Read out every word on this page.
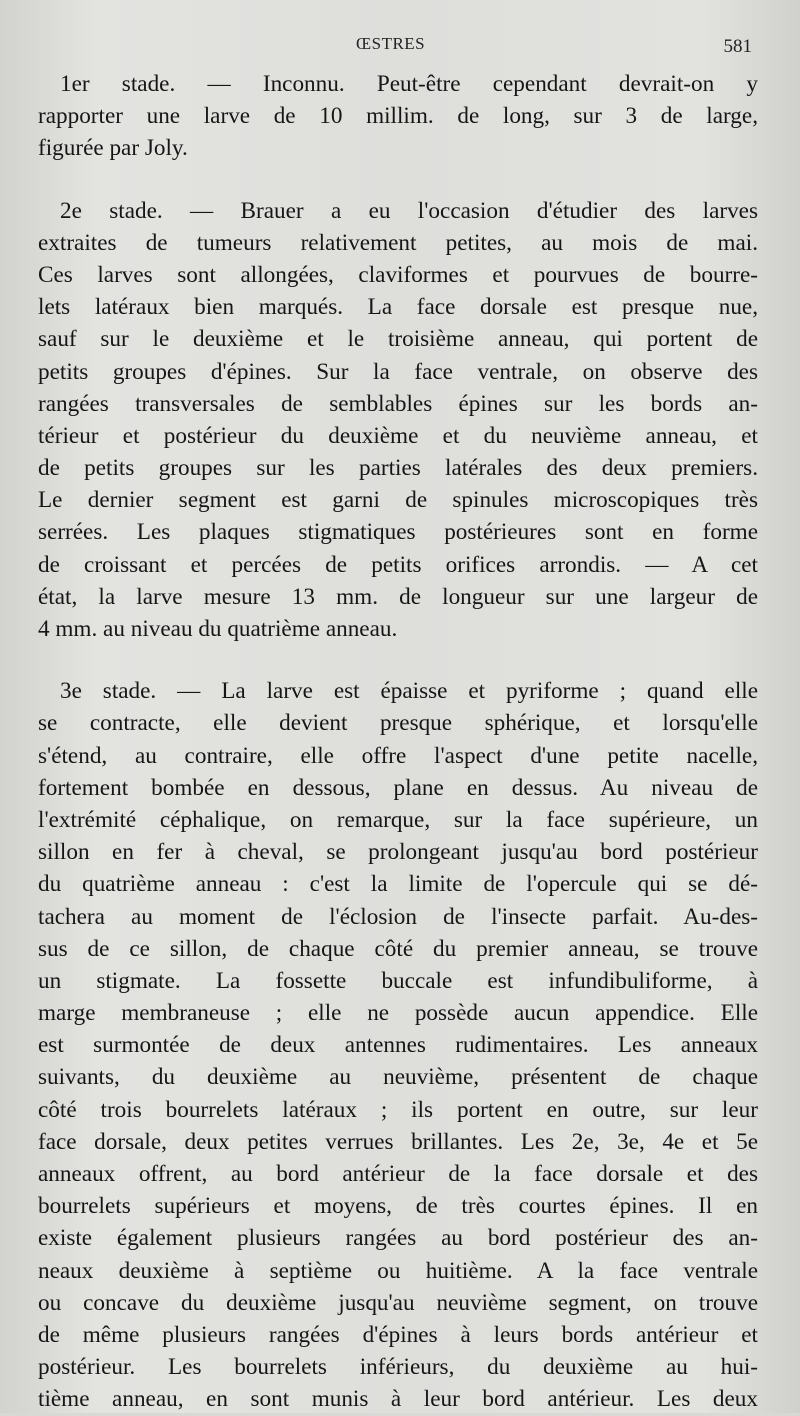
ŒSTRES	581
1er stade. — Inconnu. Peut-être cependant devrait-on y
rapporter une larve de 10 millim. de long, sur 3 de large,
figurée par Joly.
2e stade. — Brauer a eu l'occasion d'étudier des larves
extraites de tumeurs relativement petites, au mois de mai.
Ces larves sont allongées, claviformes et pourvues de bourre-
lets latéraux bien marqués. La face dorsale est presque nue,
sauf sur le deuxième et le troisième anneau, qui portent de
petits groupes d'épines. Sur la face ventrale, on observe des
rangées transversales de semblables épines sur les bords an-
térieur et postérieur du deuxième et du neuvième anneau, et
de petits groupes sur les parties latérales des deux premiers.
Le dernier segment est garni de spinules microscopiques très
serrées. Les plaques stigmatiques postérieures sont en forme
de croissant et percées de petits orifices arrondis. — A cet
état, la larve mesure 13 mm. de longueur sur une largeur de
4 mm. au niveau du quatrième anneau.
3e stade. — La larve est épaisse et pyriforme ; quand elle
se contracte, elle devient presque sphérique, et lorsqu'elle
s'étend, au contraire, elle offre l'aspect d'une petite nacelle,
fortement bombée en dessous, plane en dessus. Au niveau de
l'extrémité céphalique, on remarque, sur la face supérieure, un
sillon en fer à cheval, se prolongeant jusqu'au bord postérieur
du quatrième anneau : c'est la limite de l'opercule qui se dé-
tachera au moment de l'éclosion de l'insecte parfait. Au-des-
sus de ce sillon, de chaque côté du premier anneau, se trouve
un stigmate. La fossette buccale est infundibuliforme, à
marge membraneuse ; elle ne possède aucun appendice. Elle
est surmontée de deux antennes rudimentaires. Les anneaux
suivants, du deuxième au neuvième, présentent de chaque
côté trois bourrelets latéraux ; ils portent en outre, sur leur
face dorsale, deux petites verrues brillantes. Les 2e, 3e, 4e et 5e
anneaux offrent, au bord antérieur de la face dorsale et des
bourrelets supérieurs et moyens, de très courtes épines. Il en
existe également plusieurs rangées au bord postérieur des an-
neaux deuxième à septième ou huitième. A la face ventrale
ou concave du deuxième jusqu'au neuvième segment, on trouve
de même plusieurs rangées d'épines à leurs bords antérieur et
postérieur. Les bourrelets inférieurs, du deuxième au hui-
tième anneau, en sont munis à leur bord antérieur. Les deux
